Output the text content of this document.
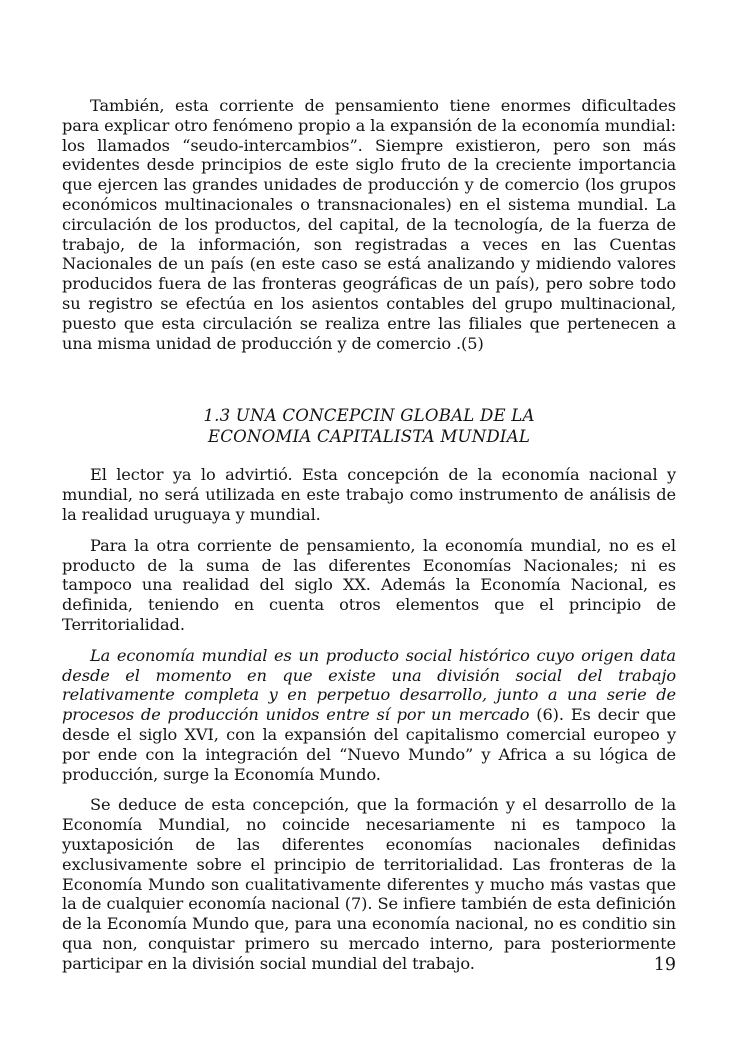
También, esta corriente de pensamiento tiene enormes dificultades para explicar otro fenómeno propio a la expansión de la economía mundial: los llamados “seudo-intercambios”. Siempre existieron, pero son más evidentes desde principios de este siglo fruto de la creciente importancia que ejercen las grandes unidades de producción y de comercio (los grupos económicos multinacionales o transnacionales) en el sistema mundial. La circulación de los productos, del capital, de la tecnología, de la fuerza de trabajo, de la información, son registradas a veces en las Cuentas Nacionales de un país (en este caso se está analizando y midiendo valores producidos fuera de las fronteras geográficas de un país), pero sobre todo su registro se efectúa en los asientos contables del grupo multinacional, puesto que esta circulación se realiza entre las filiales que pertenecen a una misma unidad de producción y de comercio .(5)

1.3 UNA CONCEPCIN GLOBAL DE LA
ECONOMIA CAPITALISTA MUNDIAL

El lector ya lo advirtió. Esta concepción de la economía nacional y mundial, no será utilizada en este trabajo como instrumento de análisis de la realidad uruguaya y mundial.

Para la otra corriente de pensamiento, la economía mundial, no es el producto de la suma de las diferentes Economías Nacionales; ni es tampoco una realidad del siglo XX. Además la Economía Nacional, es definida, teniendo en cuenta otros elementos que el principio de Territorialidad.

La economía mundial es un producto social histórico cuyo origen data desde el momento en que existe una división social del trabajo relativamente completa y en perpetuo desarrollo, junto a una serie de procesos de producción unidos entre sí por un mercado (6). Es decir que desde el siglo XVI, con la expansión del capitalismo comercial europeo y por ende con la integración del “Nuevo Mundo” y Africa a su lógica de producción, surge la Economía Mundo.

Se deduce de esta concepción, que la formación y el desarrollo de la Economía Mundial, no coincide necesariamente ni es tampoco la yuxtaposición de las diferentes economías nacionales definidas exclusivamente sobre el principio de territorialidad. Las fronteras de la Economía Mundo son cualitativamente diferentes y mucho más vastas que la de cualquier economía nacional (7). Se infiere también de esta definición de la Economía Mundo que, para una economía nacional, no es conditio sin qua non, conquistar primero su mercado interno, para posteriormente participar en la división social mundial del trabajo.	19
